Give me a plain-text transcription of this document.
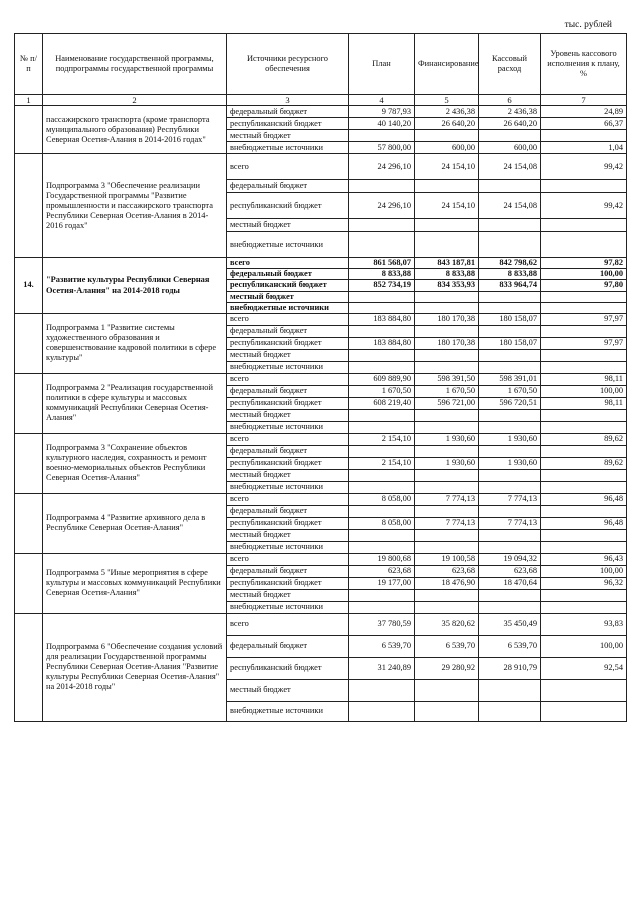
тыс. рублей
№ п/п	Наименование государственной программы, подпрограммы государственной программы	Источники ресурсного обеспечения	План	Финансирование	Кассовый расход	Уровень кассового исполнения к плану, %
1	2	3	4	5	6	7
	пассажирского транспорта (кроме транспорта муниципального образования) Республики Северная Осетия-Алания в 2014-2016 годах"	федеральный бюджет	9 787,93	2 436,38	2 436,38	24,89
		республиканский бюджет	40 140,20	26 640,20	26 640,20	66,37
		местный бюджет				
		внебюджетные источники	57 800,00	600,00	600,00	1,04
	Подпрограмма 3 "Обеспечение реализации Государственной программы "Развитие промышленности и пассажирского транспорта Республики Северная Осетия-Алания в 2014-2016 годах"	всего	24 296,10	24 154,10	24 154,08	99,42
		федеральный бюджет				
		республиканский бюджет	24 296,10	24 154,10	24 154,08	99,42
		местный бюджет				
		внебюджетные источники				
14.	"Развитие культуры Республики Северная Осетия-Алания" на 2014-2018 годы	всего	861 568,07	843 187,81	842 798,62	97,82
		федеральный бюджет	8 833,88	8 833,88	8 833,88	100,00
		республиканский бюджет	852 734,19	834 353,93	833 964,74	97,80
		местный бюджет				
		внебюджетные источники				
	Подпрограмма 1 "Развитие системы художественного образования и совершенствование кадровой политики в сфере культуры"	всего	183 884,80	180 170,38	180 158,07	97,97
		федеральный бюджет				
		республиканский бюджет	183 884,80	180 170,38	180 158,07	97,97
		местный бюджет				
		внебюджетные источники				
	Подпрограмма 2 "Реализация государственной политики в сфере культуры и массовых коммуникаций Республики Северная Осетия-Алания"	всего	609 889,90	598 391,50	598 391,01	98,11
		федеральный бюджет	1 670,50	1 670,50	1 670,50	100,00
		республиканский бюджет	608 219,40	596 721,00	596 720,51	98,11
		местный бюджет				
		внебюджетные источники				
	Подпрограмма 3 "Сохранение объектов культурного наследия, сохранность и ремонт военно-мемориальных объектов Республики Северная Осетия-Алания"	всего	2 154,10	1 930,60	1 930,60	89,62
		федеральный бюджет				
		республиканский бюджет	2 154,10	1 930,60	1 930,60	89,62
		местный бюджет				
		внебюджетные источники				
	Подпрограмма 4 "Развитие архивного дела в Республике Северная Осетия-Алания"	всего	8 058,00	7 774,13	7 774,13	96,48
		федеральный бюджет				
		республиканский бюджет	8 058,00	7 774,13	7 774,13	96,48
		местный бюджет				
		внебюджетные источники				
	Подпрограмма 5 "Иные мероприятия в сфере культуры и массовых коммуникаций Республики Северная Осетия-Алания"	всего	19 800,68	19 100,58	19 094,32	96,43
		федеральный бюджет	623,68	623,68	623,68	100,00
		республиканский бюджет	19 177,00	18 476,90	18 470,64	96,32
		местный бюджет				
		внебюджетные источники				
	Подпрограмма 6 "Обеспечение создания условий для реализации Государственной программы Республики Северная Осетия-Алания "Развитие культуры Республики Северная Осетия-Алания" на 2014-2018 годы"	всего	37 780,59	35 820,62	35 450,49	93,83
		федеральный бюджет	6 539,70	6 539,70	6 539,70	100,00
		республиканский бюджет	31 240,89	29 280,92	28 910,79	92,54
		местный бюджет				
		внебюджетные источники				
